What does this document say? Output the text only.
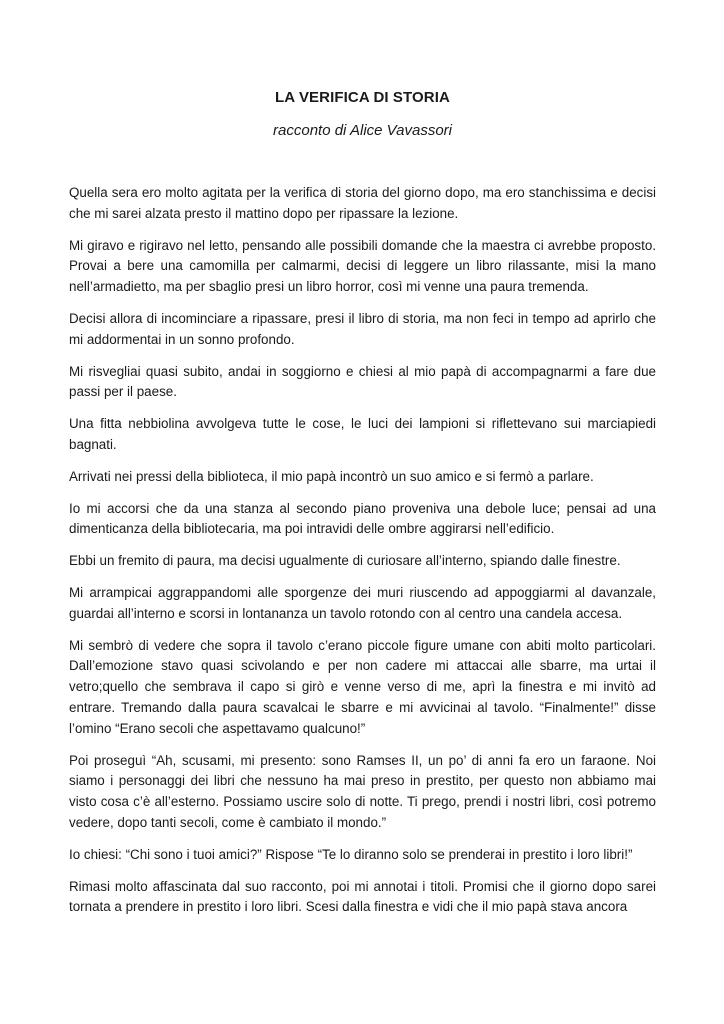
LA VERIFICA DI STORIA

racconto di Alice Vavassori

Quella sera ero molto agitata per la verifica di storia del giorno dopo, ma ero stanchissima e decisi che mi sarei alzata presto il mattino dopo per ripassare la lezione.

Mi giravo e rigiravo nel letto, pensando alle possibili domande che la maestra ci avrebbe proposto. Provai a bere una camomilla per calmarmi, decisi di leggere un libro rilassante, misi la mano nell’armadietto, ma per sbaglio presi un libro horror, così mi venne una paura tremenda.

Decisi allora di incominciare a ripassare, presi il libro di storia, ma non feci in tempo ad aprirlo che mi addormentai in un sonno profondo.

Mi risvegliai quasi subito, andai in soggiorno e chiesi al mio papà di accompagnarmi a fare due passi per il paese.

Una fitta nebbiolina avvolgeva tutte le cose, le luci dei lampioni si riflettevano sui marciapiedi bagnati.

Arrivati nei pressi della biblioteca, il mio papà incontrò un suo amico e si fermò a parlare.

Io mi accorsi che da una stanza al secondo piano proveniva una debole luce; pensai ad una dimenticanza della bibliotecaria, ma poi intravidi delle ombre aggirarsi nell’edificio.

Ebbi un fremito di paura, ma decisi ugualmente di curiosare all’interno, spiando dalle finestre.

Mi arrampicai aggrappandomi alle sporgenze dei muri riuscendo ad appoggiarmi al davanzale, guardai all’interno e scorsi in lontananza un tavolo rotondo con al centro una candela accesa.

Mi sembrò di vedere che sopra il tavolo c’erano piccole figure umane con abiti molto particolari. Dall’emozione stavo quasi scivolando e per non cadere mi attaccai alle sbarre, ma urtai il vetro;quello che sembrava il capo si girò e venne verso di me, aprì la finestra e mi invitò ad entrare. Tremando dalla paura scavalcai le sbarre e mi avvicinai al tavolo. “Finalmente!” disse l’omino “Erano secoli che aspettavamo qualcuno!”

Poi proseguì “Ah, scusami, mi presento: sono Ramses II, un po’ di anni fa ero un faraone. Noi siamo i personaggi dei libri che nessuno ha mai preso in prestito, per questo non abbiamo mai visto cosa c’è all’esterno. Possiamo uscire solo di notte. Ti prego, prendi i nostri libri, così potremo vedere, dopo tanti secoli, come è cambiato il mondo.”

Io chiesi: “Chi sono i tuoi amici?” Rispose “Te lo diranno solo se prenderai in prestito i loro libri!”

Rimasi molto affascinata dal suo racconto, poi mi annotai i titoli. Promisi che il giorno dopo sarei tornata a prendere in prestito i loro libri. Scesi dalla finestra e vidi che il mio papà stava ancora
